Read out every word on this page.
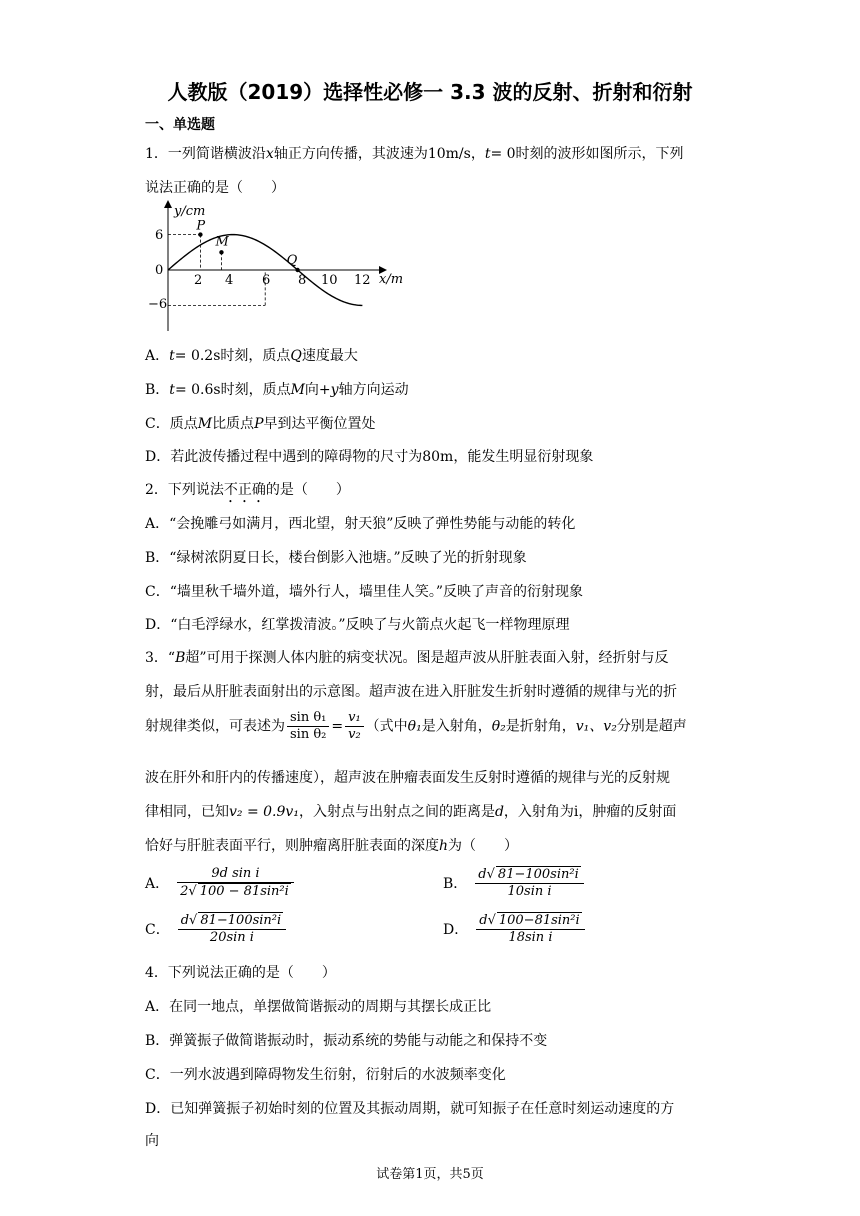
人教版（2019）选择性必修一 3.3 波的反射、折射和衍射
一、单选题
1．一列简谐横波沿x轴正方向传播，其波速为10m/s，t= 0时刻的波形如图所示，下列
说法正确的是（　　）
P
M
Q
y/cm
x/m
6
0
−6
2 4 6 8 10 12
A．t= 0.2s时刻，质点Q速度最大
B．t= 0.6s时刻，质点M向+y轴方向运动
C．质点M比质点P早到达平衡位置处
D．若此波传播过程中遇到的障碍物的尺寸为80m，能发生明显衍射现象
2．下列说法不正确的是（　　）
A．“会挽雕弓如满月，西北望，射天狼”反映了弹性势能与动能的转化
B．“绿树浓阴夏日长，楼台倒影入池塘。”反映了光的折射现象
C．“墙里秋千墙外道，墙外行人，墙里佳人笑。”反映了声音的衍射现象
D．“白毛浮绿水，红掌拨清波。”反映了与火箭点火起飞一样物理原理
3．“B超”可用于探测人体内脏的病变状况。图是超声波从肝脏表面入射，经折射与反
射，最后从肝脏表面射出的示意图。超声波在进入肝脏发生折射时遵循的规律与光的折
射规律类似，可表述为 $\frac{\text{sin θ₁}}{\text{sin θ₂}} = \frac{\text{v₁}}{\text{v₂}}$ （式中θ₁是入射角，θ₂是折射角，v₁、v₂分别是超声
波在肝外和肝内的传播速度），超声波在肿瘤表面发生反射时遵循的规律与光的反射规
律相同，已知v₂ = 0.9v₁，入射点与出射点之间的距离是d，入射角为i，肿瘤的反射面
恰好与肝脏表面平行，则肿瘤离肝脏表面的深度h为（　　）
A． $\frac{\text{9d sin i}}{\text{2√ 100 − 81sin²i}}$	B． $\frac{\text{d√ 81−100sin²i}}{\text{10sin i}}$
C． $\frac{\text{d√ 81−100sin²i}}{\text{20sin i}}$	D． $\frac{\text{d√ 100−81sin²i}}{\text{18sin i}}$
4．下列说法正确的是（　　）
A．在同一地点，单摆做简谐振动的周期与其摆长成正比
B．弹簧振子做简谐振动时，振动系统的势能与动能之和保持不变
C．一列水波遇到障碍物发生衍射，衍射后的水波频率变化
D．已知弹簧振子初始时刻的位置及其振动周期，就可知振子在任意时刻运动速度的方
向
试卷第1页，共5页
